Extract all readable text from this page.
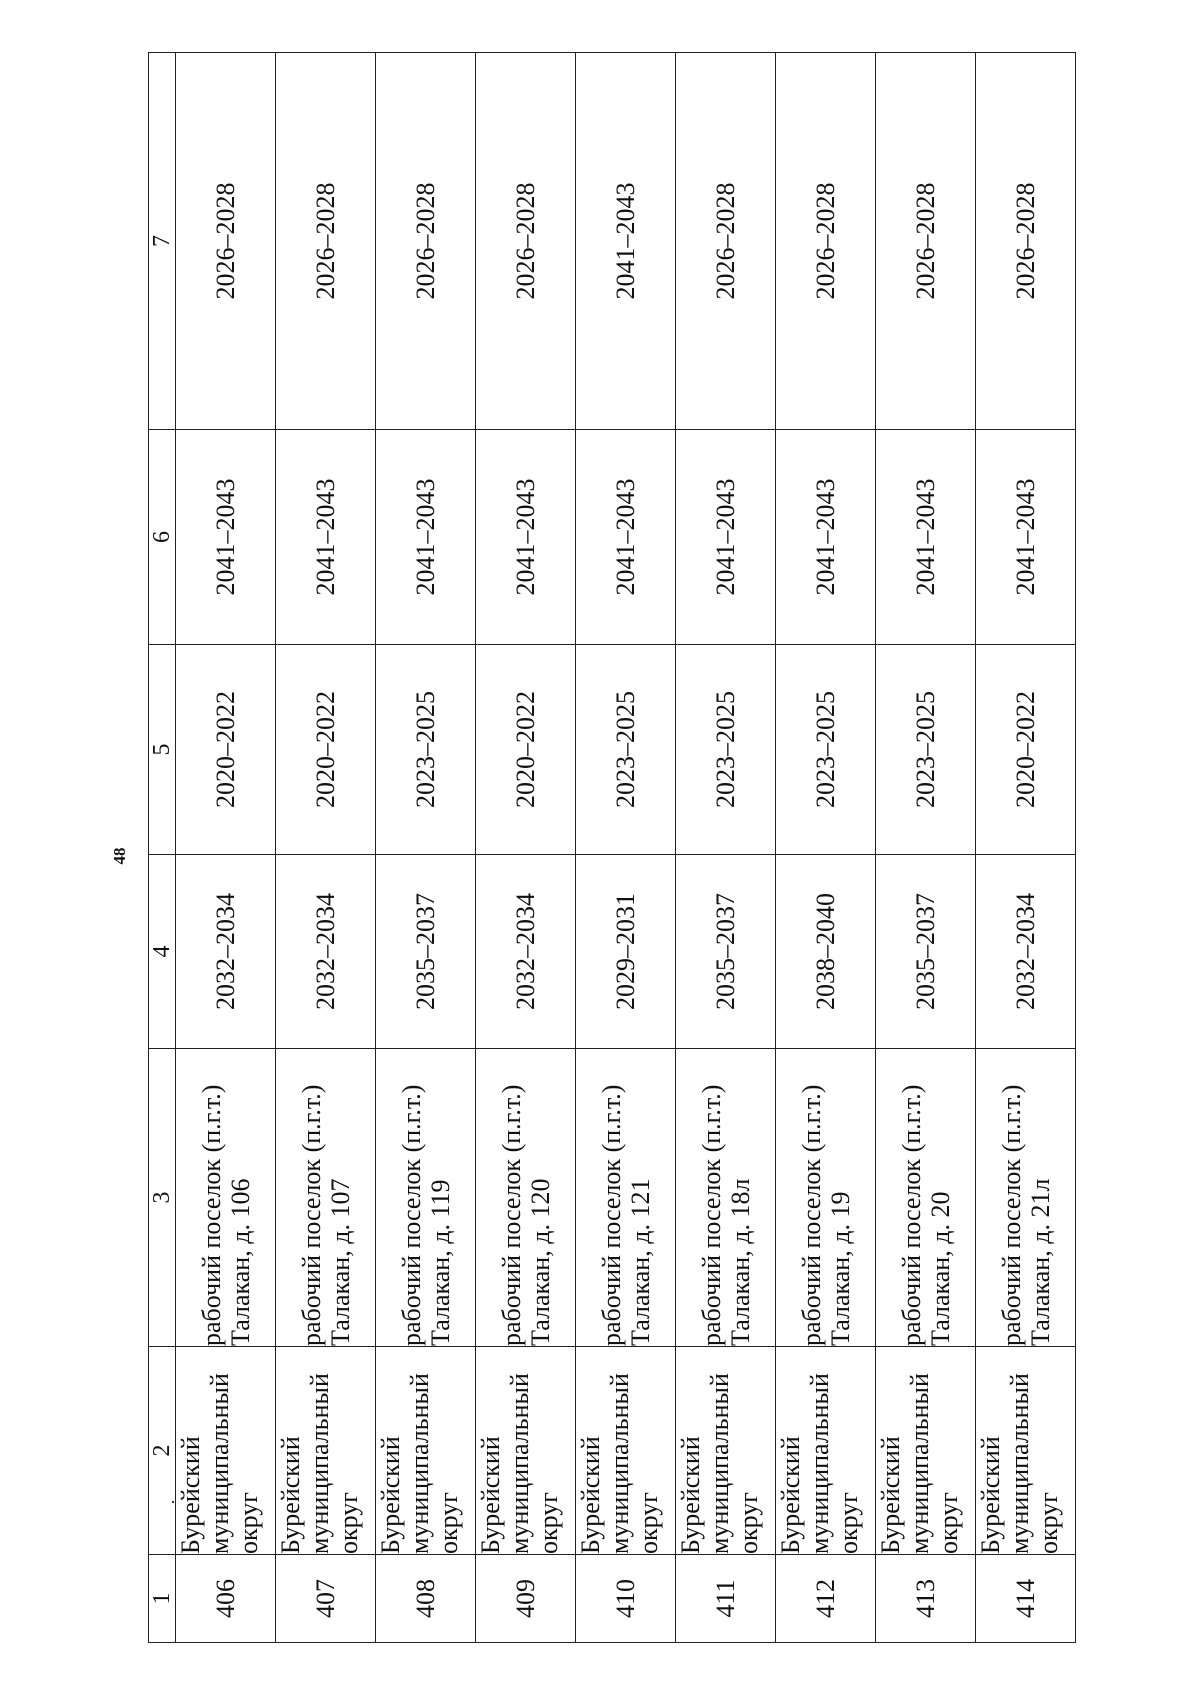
48
1	2	3	4	5	6	7
406	Бурейский муниципальный округ	рабочий поселок (п.г.т.) Талакан, д. 106	2032–2034	2020–2022	2041–2043	2026–2028
407	Бурейский муниципальный округ	рабочий поселок (п.г.т.) Талакан, д. 107	2032–2034	2020–2022	2041–2043	2026–2028
408	Бурейский муниципальный округ	рабочий поселок (п.г.т.) Талакан, д. 119	2035–2037	2023–2025	2041–2043	2026–2028
409	Бурейский муниципальный округ	рабочий поселок (п.г.т.) Талакан, д. 120	2032–2034	2020–2022	2041–2043	2026–2028
410	Бурейский муниципальный округ	рабочий поселок (п.г.т.) Талакан, д. 121	2029–2031	2023–2025	2041–2043	2041–2043
411	Бурейский муниципальный округ	рабочий поселок (п.г.т.) Талакан, д. 18л	2035–2037	2023–2025	2041–2043	2026–2028
412	Бурейский муниципальный округ	рабочий поселок (п.г.т.) Талакан, д. 19	2038–2040	2023–2025	2041–2043	2026–2028
413	Бурейский муниципальный округ	рабочий поселок (п.г.т.) Талакан, д. 20	2035–2037	2023–2025	2041–2043	2026–2028
414	Бурейский муниципальный округ	рабочий поселок (п.г.т.) Талакан, д. 21л	2032–2034	2020–2022	2041–2043	2026–2028
